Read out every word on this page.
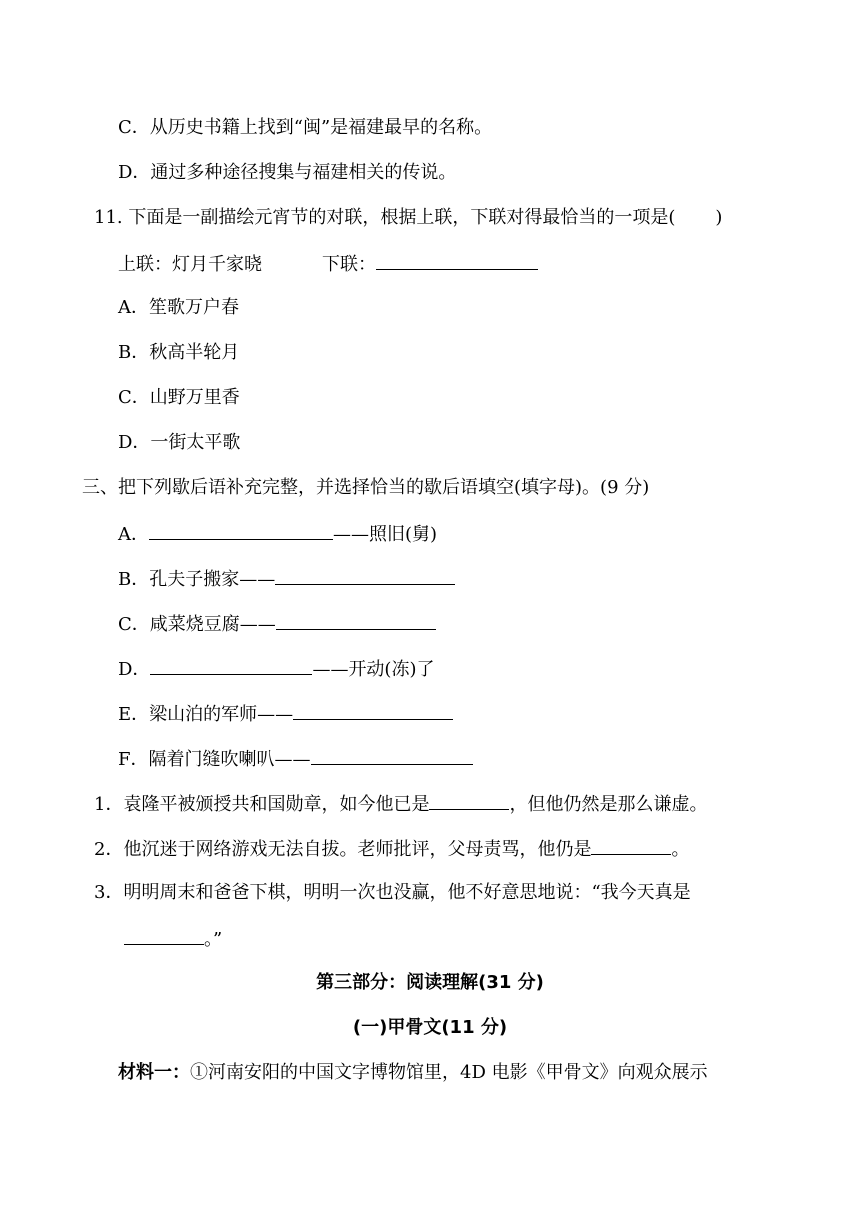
C．从历史书籍上找到“闽”是福建最早的名称。
D．通过多种途径搜集与福建相关的传说。
11. 下面是一副描绘元宵节的对联，根据上联，下联对得最恰当的一项是( )
上联：灯月千家晓	下联：
A．笙歌万户春
B．秋高半轮月
C．山野万里香
D．一街太平歌
三、把下列歇后语补充完整，并选择恰当的歇后语填空(填字母)。(9 分)
A．	——照旧(舅)
B．孔夫子搬家——
C．咸菜烧豆腐——
D．	——开动(冻)了
E．梁山泊的军师——
F．隔着门缝吹喇叭——
1．袁隆平被颁授共和国勋章，如今他已是	，但他仍然是那么谦虚。
2．他沉迷于网络游戏无法自拔。老师批评，父母责骂，他仍是	。
3．明明周末和爸爸下棋，明明一次也没赢，他不好意思地说：“我今天真是
。”
第三部分：阅读理解(31 分)
(一)甲骨文(11 分)
材料一：①河南安阳的中国文字博物馆里，4D 电影《甲骨文》向观众展示
